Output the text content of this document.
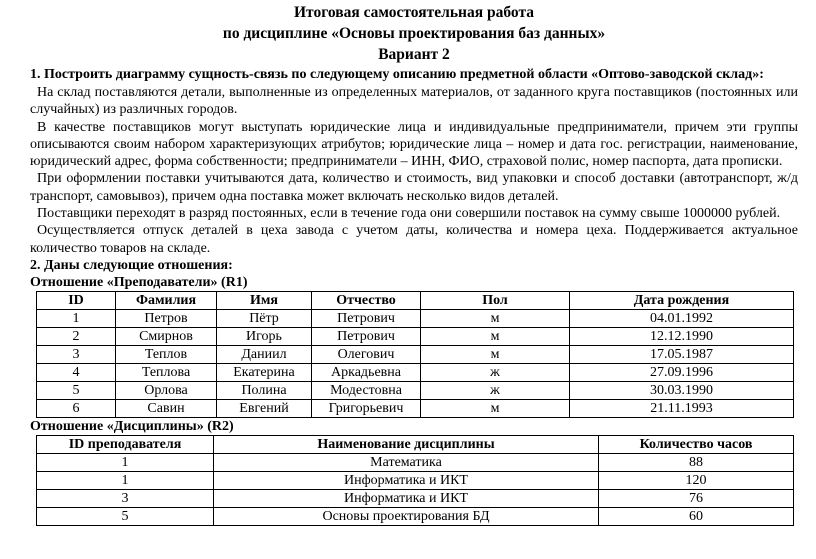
Итоговая самостоятельная работа
по дисциплине «Основы проектирования баз данных»
Вариант 2
1. Построить диаграмму сущность-связь по следующему описанию предметной области «Оптово-заводской склад»:

На склад поставляются детали, выполненные из определенных материалов, от заданного круга поставщиков (постоянных или случайных) из различных городов.

В качестве поставщиков могут выступать юридические лица и индивидуальные предприниматели, причем эти группы описываются своим набором характеризующих атрибутов; юридические лица – номер и дата гос. регистрации, наименование, юридический адрес, форма собственности; предприниматели – ИНН, ФИО, страховой полис, номер паспорта, дата прописки.

При оформлении поставки учитываются дата, количество и стоимость, вид упаковки и способ доставки (автотранспорт, ж/д транспорт, самовывоз), причем одна поставка может включать несколько видов деталей.

Поставщики переходят в разряд постоянных, если в течение года они совершили поставок на сумму свыше 1000000 рублей.

Осуществляется отпуск деталей в цеха завода с учетом даты, количества и номера цеха. Поддерживается актуальное количество товаров на складе.

2. Даны следующие отношения:
Отношение «Преподаватели» (R1)
ID	Фамилия	Имя	Отчество	Пол	Дата рождения
1	Петров	Пётр	Петрович	м	04.01.1992
2	Смирнов	Игорь	Петрович	м	12.12.1990
3	Теплов	Даниил	Олегович	м	17.05.1987
4	Теплова	Екатерина	Аркадьевна	ж	27.09.1996
5	Орлова	Полина	Модестовна	ж	30.03.1990
6	Савин	Евгений	Григорьевич	м	21.11.1993
Отношение «Дисциплины» (R2)
ID преподавателя	Наименование дисциплины	Количество часов
1	Математика	88
1	Информатика и ИКТ	120
3	Информатика и ИКТ	76
5	Основы проектирования БД	60
